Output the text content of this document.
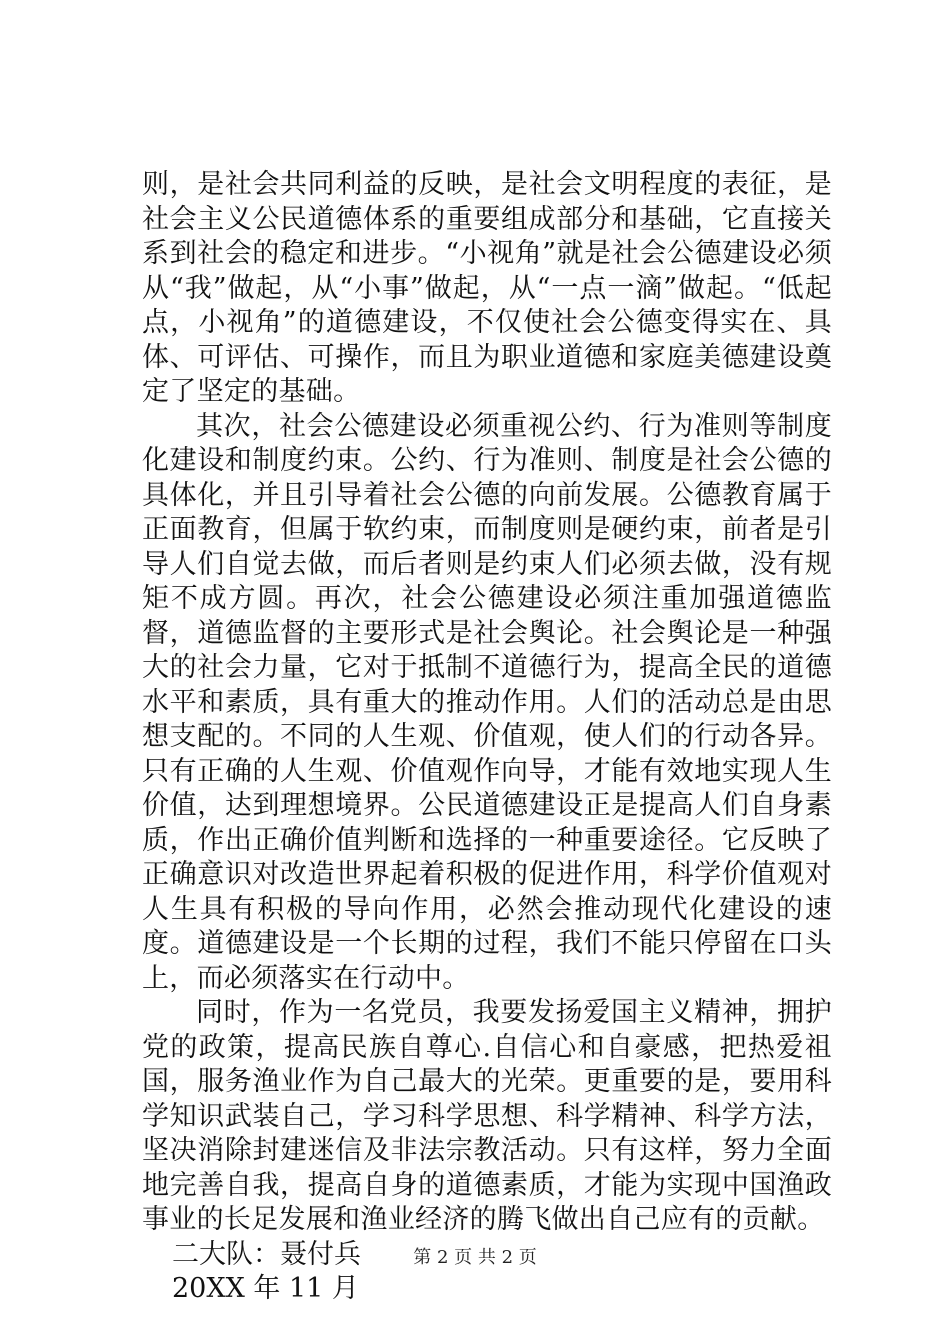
则，是社会共同利益的反映，是社会文明程度的表征，是社会主义公民道德体系的重要组成部分和基础，它直接关系到社会的稳定和进步。“小视角”就是社会公德建设必须从“我”做起，从“小事”做起，从“一点一滴”做起。“低起点，小视角”的道德建设，不仅使社会公德变得实在、具体、可评估、可操作，而且为职业道德和家庭美德建设奠定了坚定的基础。

其次，社会公德建设必须重视公约、行为准则等制度化建设和制度约束。公约、行为准则、制度是社会公德的具体化，并且引导着社会公德的向前发展。公德教育属于正面教育，但属于软约束，而制度则是硬约束，前者是引导人们自觉去做，而后者则是约束人们必须去做，没有规矩不成方圆。再次，社会公德建设必须注重加强道德监督，道德监督的主要形式是社会舆论。社会舆论是一种强大的社会力量，它对于抵制不道德行为，提高全民的道德水平和素质，具有重大的推动作用。人们的活动总是由思想支配的。不同的人生观、价值观，使人们的行动各异。只有正确的人生观、价值观作向导，才能有效地实现人生价值，达到理想境界。公民道德建设正是提高人们自身素质，作出正确价值判断和选择的一种重要途径。它反映了正确意识对改造世界起着积极的促进作用，科学价值观对人生具有积极的导向作用，必然会推动现代化建设的速度。道德建设是一个长期的过程，我们不能只停留在口头上，而必须落实在行动中。

同时，作为一名党员，我要发扬爱国主义精神，拥护党的政策，提高民族自尊心.自信心和自豪感，把热爱祖国，服务渔业作为自己最大的光荣。更重要的是，要用科学知识武装自己，学习科学思想、科学精神、科学方法，坚决消除封建迷信及非法宗教活动。只有这样，努力全面地完善自我，提高自身的道德素质，才能为实现中国渔政事业的长足发展和渔业经济的腾飞做出自己应有的贡献。

二大队：聂付兵

20XX 年 11 月

第 2 页 共 2 页
